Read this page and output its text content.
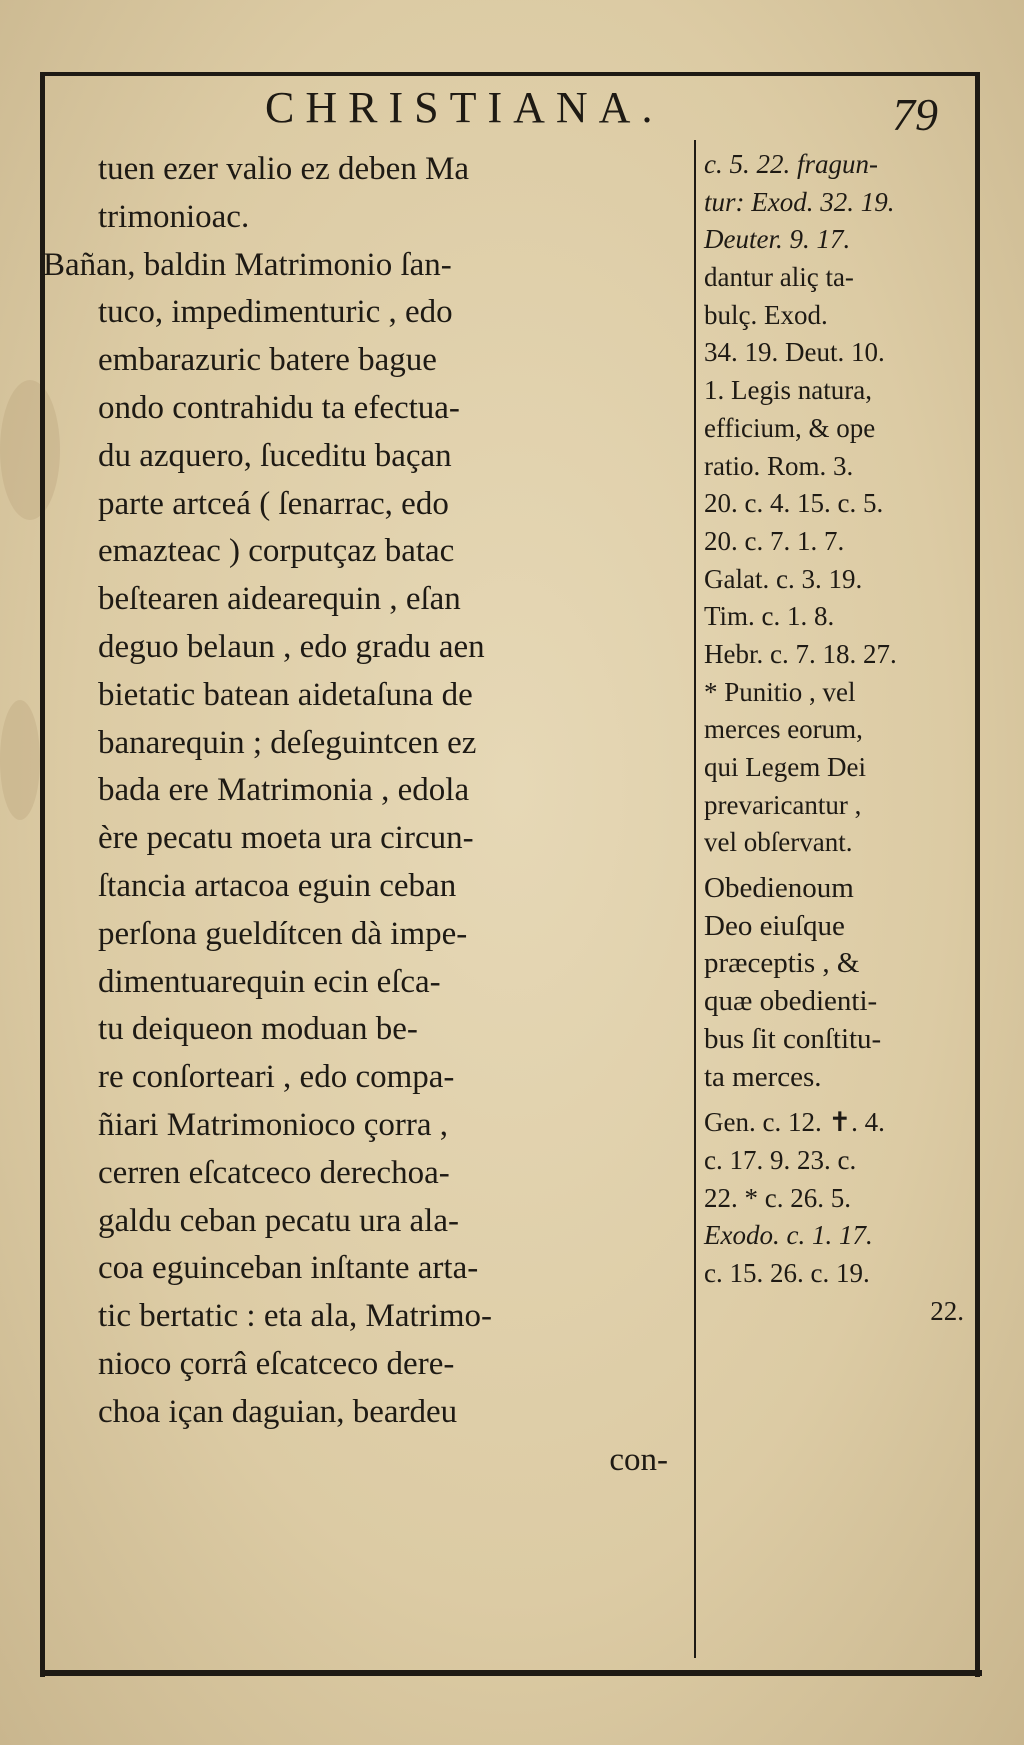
CHRISTIANA.	79
tuen ezer valio ez deben Ma
trimonioac.
Bañan, baldin Matrimonio ſan-
tuco, impedimenturic , edo
embarazuric batere bague
ondo contrahidu ta efectua-
du azquero, ſuceditu baçan
parte artceá ( ſenarrac, edo
emazteac ) corputçaz batac
beſtearen aidearequin , eſan
deguo belaun , edo gradu aen
bietatic batean aidetaſuna de
banarequin ; deſeguintcen ez
bada ere Matrimonia , edola
ère pecatu moeta ura circun-
ſtancia artacoa eguin ceban
perſona gueldítcen dà impe-
dimentuarequin ecin eſca-
tu deiqueon moduan be-
re conſorteari , edo compa-
ñiari Matrimonioco çorra ,
cerren eſcatceco derechoa-
galdu ceban pecatu ura ala-
coa eguinceban inſtante arta-
tic bertatic : eta ala, Matrimo-
nioco çorrâ eſcatceco dere-
choa içan daguian, beardeu
con-
c. 5. 22. fragun-
tur: Exod. 32. 19.
Deuter. 9. 17.
dantur aliç ta-
bulç. Exod.
34. 19. Deut. 10.
1. Legis natura,
efficium, & ope
ratio. Rom. 3.
20. c. 4. 15. c. 5.
20. c. 7. 1. 7.
Galat. c. 3. 19.
Tim. c. 1. 8.
Hebr. c. 7. 18. 27.
* Punitio , vel
merces eorum,
qui Legem Dei
prevaricantur ,
vel obſervant.
Obedienoum
Deo eiuſque
præceptis , &
quæ obedienti-
bus ſit conſtitu-
ta merces.
Gen. c. 12. ✝. 4.
c. 17. 9. 23. c.
22. * c. 26. 5.
Exodo. c. 1. 17.
c. 15. 26. c. 19.
22.
